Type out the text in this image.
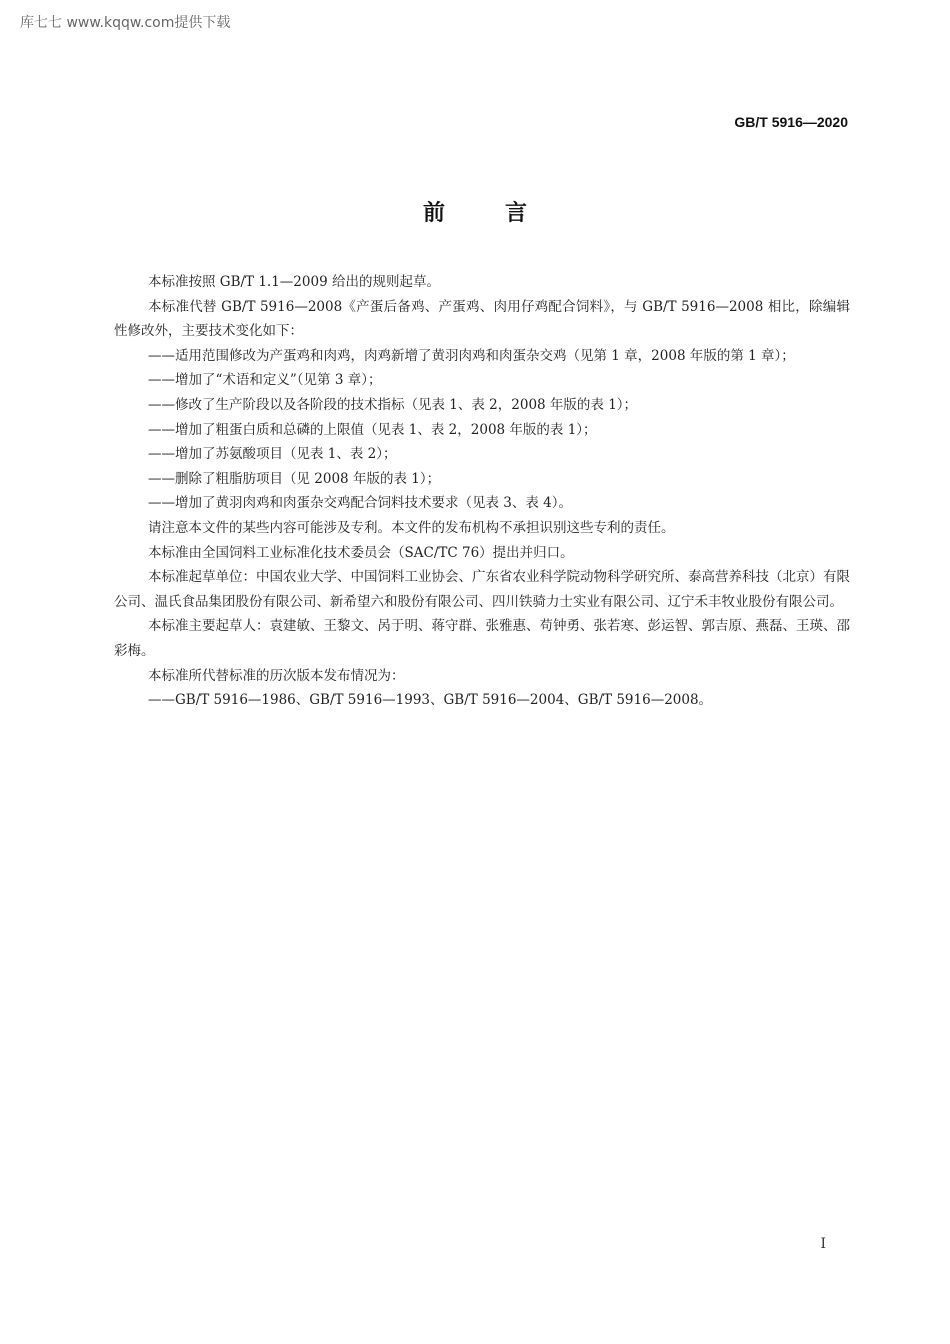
库七七 www.kqqw.com提供下载
GB/T 5916—2020
前言

本标准按照 GB/T 1.1—2009 给出的规则起草。

本标准代替 GB/T 5916—2008《产蛋后备鸡、产蛋鸡、肉用仔鸡配合饲料》，与 GB/T 5916—2008 相比，除编辑性修改外，主要技术变化如下：

——适用范围修改为产蛋鸡和肉鸡，肉鸡新增了黄羽肉鸡和肉蛋杂交鸡（见第 1 章，2008 年版的第 1 章）；

——增加了“术语和定义”（见第 3 章）；

——修改了生产阶段以及各阶段的技术指标（见表 1、表 2，2008 年版的表 1）；

——增加了粗蛋白质和总磷的上限值（见表 1、表 2，2008 年版的表 1）；

——增加了苏氨酸项目（见表 1、表 2）；

——删除了粗脂肪项目（见 2008 年版的表 1）；

——增加了黄羽肉鸡和肉蛋杂交鸡配合饲料技术要求（见表 3、表 4）。

请注意本文件的某些内容可能涉及专利。本文件的发布机构不承担识别这些专利的责任。

本标准由全国饲料工业标准化技术委员会（SAC/TC 76）提出并归口。

本标准起草单位：中国农业大学、中国饲料工业协会、广东省农业科学院动物科学研究所、泰高营养科技（北京）有限公司、温氏食品集团股份有限公司、新希望六和股份有限公司、四川铁骑力士实业有限公司、辽宁禾丰牧业股份有限公司。

本标准主要起草人：袁建敏、王黎文、呙于明、蒋守群、张雅惠、苟钟勇、张若寒、彭运智、郭吉原、燕磊、王瑛、邵彩梅。

本标准所代替标准的历次版本发布情况为：

——GB/T 5916—1986、GB/T 5916—1993、GB/T 5916—2004、GB/T 5916—2008。

I
